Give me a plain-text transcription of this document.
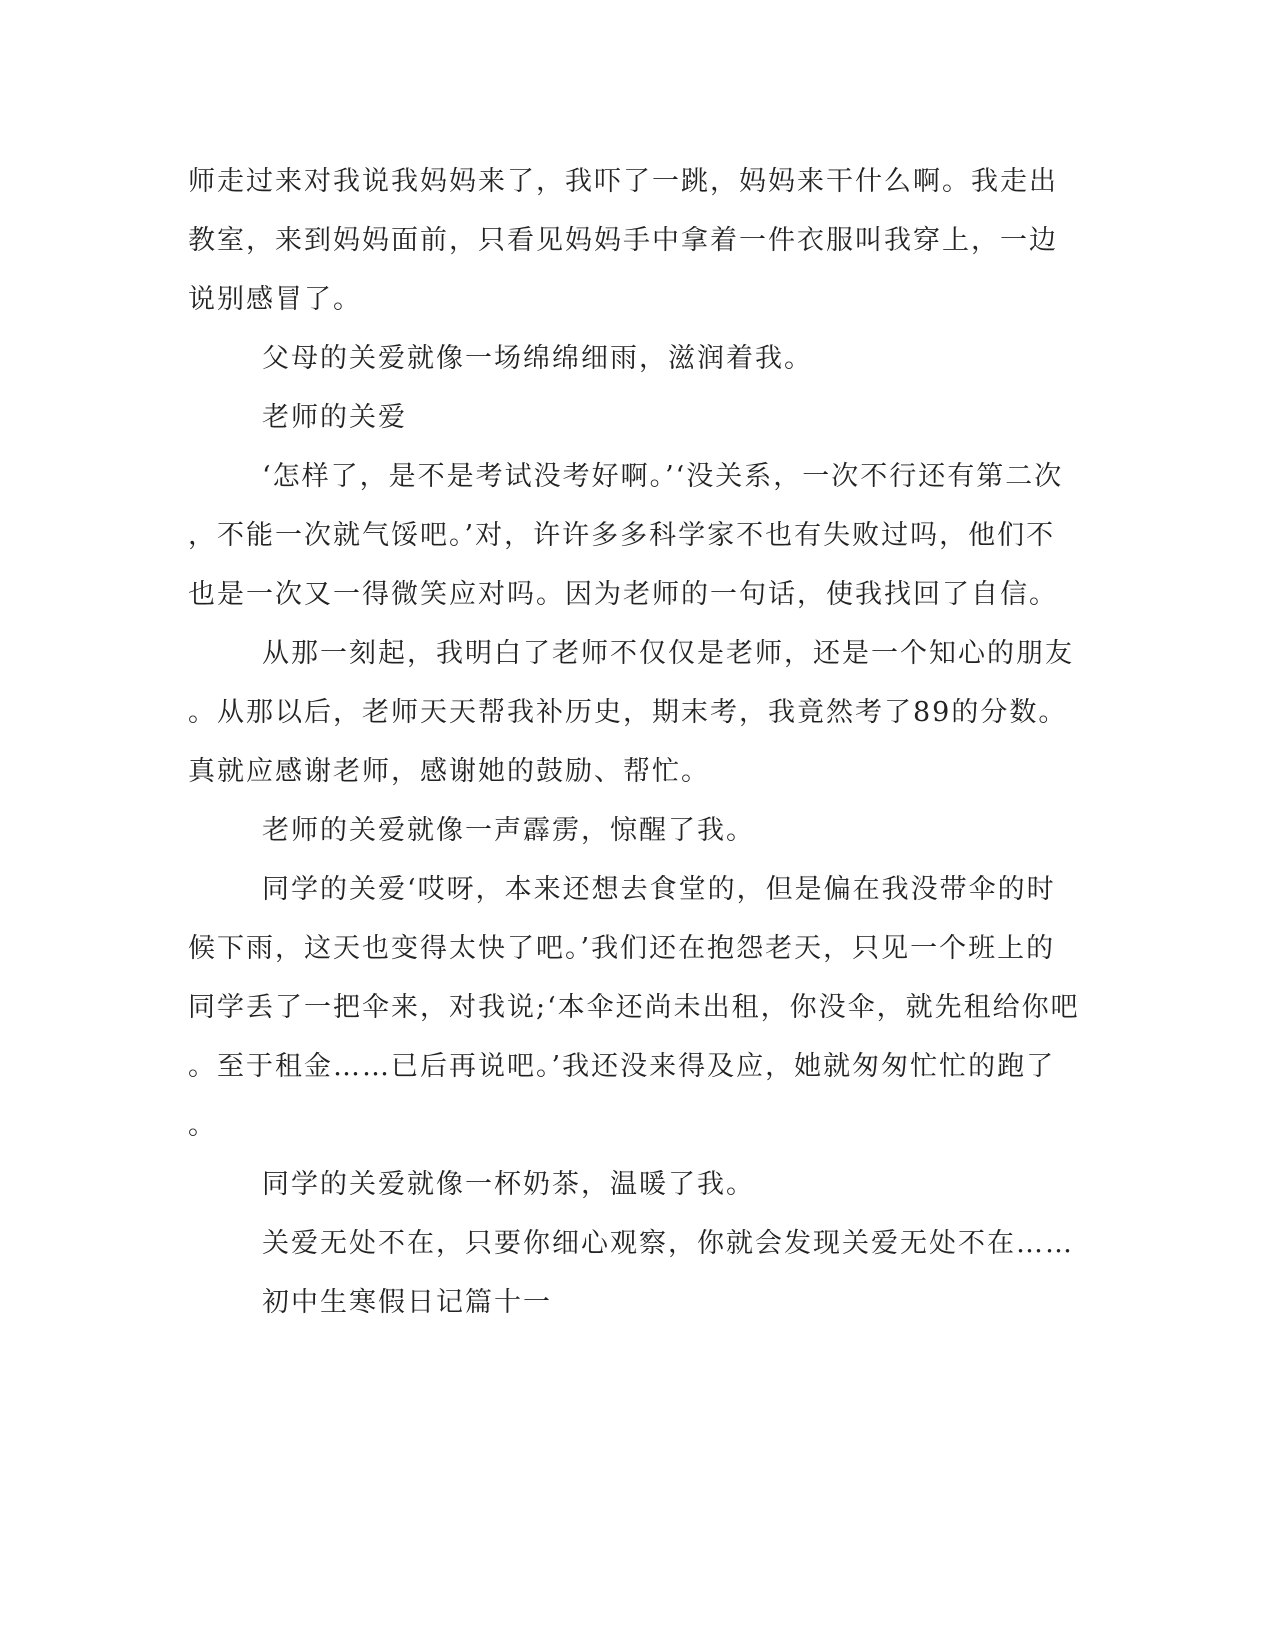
师走过来对我说我妈妈来了，我吓了一跳，妈妈来干什么啊。我走出
教室，来到妈妈面前，只看见妈妈手中拿着一件衣服叫我穿上，一边
说别感冒了。
父母的关爱就像一场绵绵细雨，滋润着我。
老师的关爱
‘怎样了，是不是考试没考好啊。’‘没关系，一次不行还有第二次
，不能一次就气馁吧。’对，许许多多科学家不也有失败过吗，他们不
也是一次又一得微笑应对吗。因为老师的一句话，使我找回了自信。
从那一刻起，我明白了老师不仅仅是老师，还是一个知心的朋友
。从那以后，老师天天帮我补历史，期末考，我竟然考了89的分数。
真就应感谢老师，感谢她的鼓励、帮忙。
老师的关爱就像一声霹雳，惊醒了我。
同学的关爱‘哎呀，本来还想去食堂的，但是偏在我没带伞的时
候下雨，这天也变得太快了吧。’我们还在抱怨老天，只见一个班上的
同学丢了一把伞来，对我说;‘本伞还尚未出租，你没伞，就先租给你吧
。至于租金……已后再说吧。’我还没来得及应，她就匆匆忙忙的跑了
。
同学的关爱就像一杯奶茶，温暖了我。
关爱无处不在，只要你细心观察，你就会发现关爱无处不在……
初中生寒假日记篇十一
